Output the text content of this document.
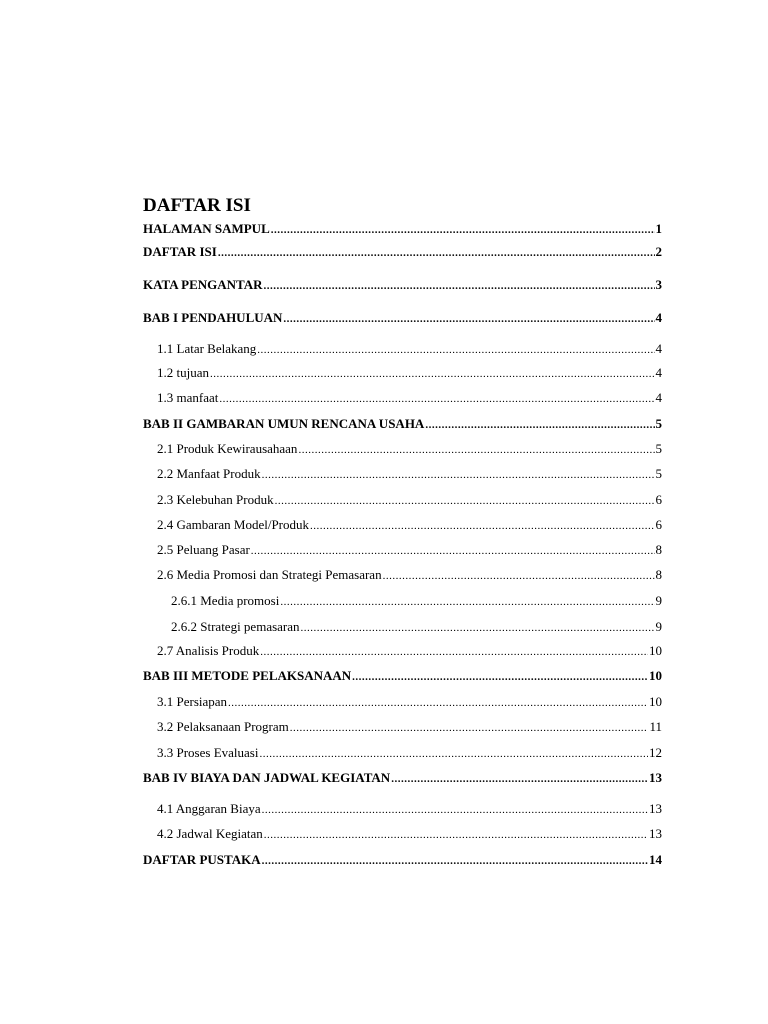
DAFTAR ISI
HALAMAN SAMPUL .....	1
DAFTAR ISI .....	2
KATA PENGANTAR .....	3
BAB I PENDAHULUAN .....	4
1.1 Latar Belakang .....	4
1.2 tujuan .....	4
1.3 manfaat .....	4
BAB II GAMBARAN UMUN RENCANA USAHA .....	5
2.1 Produk Kewirausahaan .....	5
2.2 Manfaat Produk .....	5
2.3 Kelebuhan Produk .....	6
2.4 Gambaran Model/Produk .....	6
2.5 Peluang Pasar .....	8
2.6 Media Promosi dan Strategi Pemasaran .....	8
2.6.1 Media promosi .....	9
2.6.2 Strategi pemasaran .....	9
2.7 Analisis Produk .....	10
BAB III METODE PELAKSANAAN .....	10
3.1 Persiapan .....	10
3.2 Pelaksanaan Program .....	11
3.3 Proses Evaluasi .....	12
BAB IV BIAYA DAN JADWAL KEGIATAN .....	13
4.1 Anggaran Biaya .....	13
4.2 Jadwal Kegiatan .....	13
DAFTAR PUSTAKA .....	14
